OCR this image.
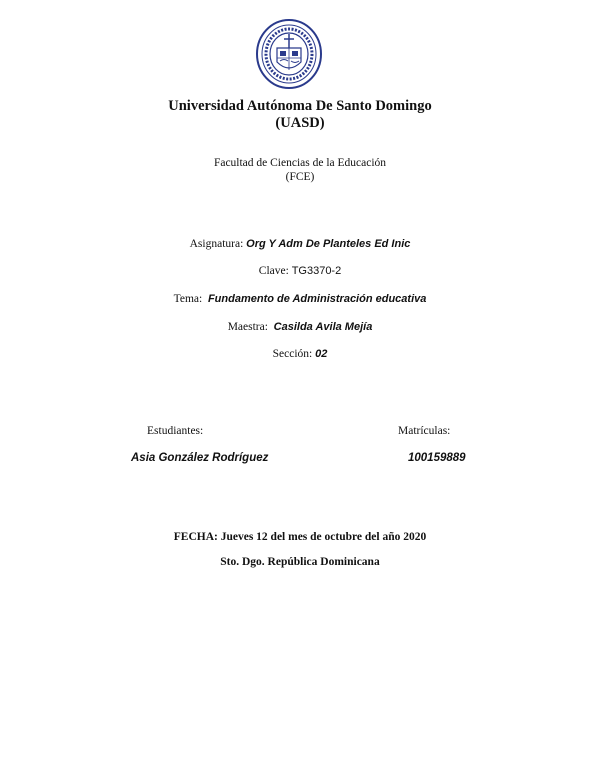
Universidad Autónoma De Santo Domingo
(UASD)
Facultad de Ciencias de la Educación
(FCE)
Asignatura: Org Y Adm De Planteles Ed Inic
Clave: TG3370-2
Tema: Fundamento de Administración educativa
Maestra: Casilda Avila Mejía
Sección: 02
Estudiantes:	Matrículas:
Asia González Rodríguez	100159889
FECHA: Jueves 12 del mes de octubre del año 2020
Sto. Dgo. República Dominicana
